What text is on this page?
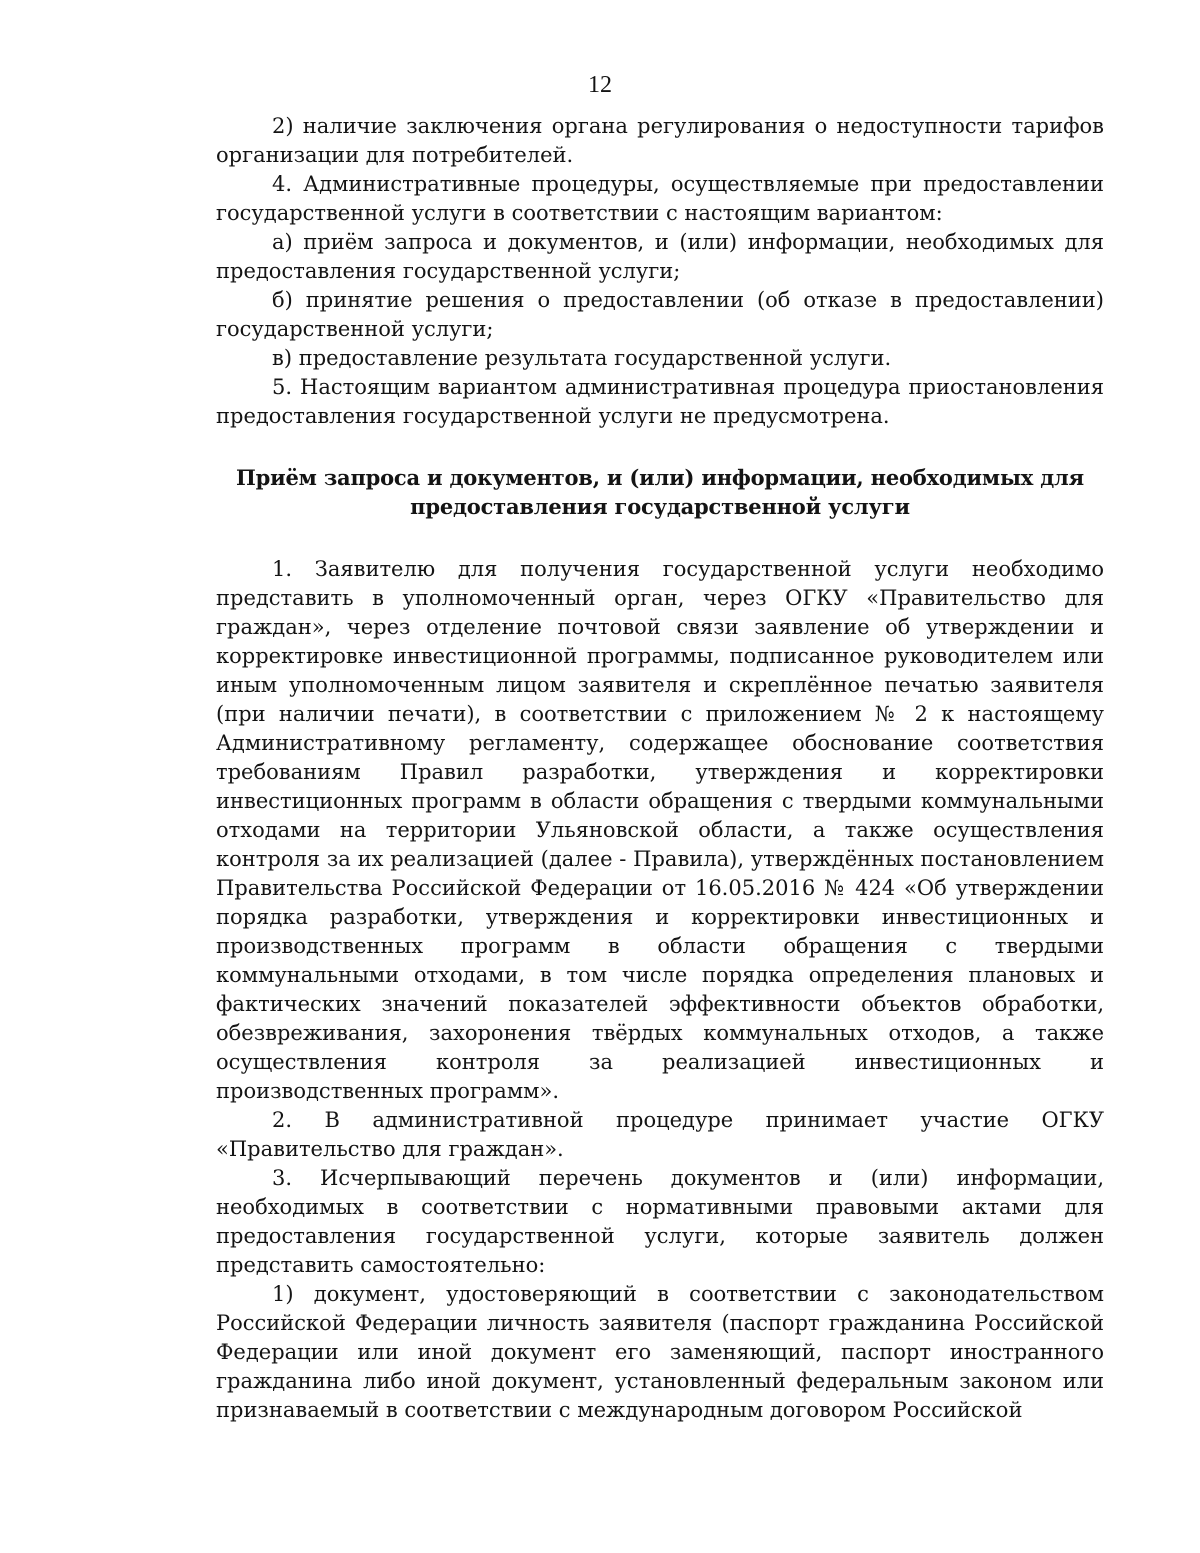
12

2) наличие заключения органа регулирования о недоступности тарифов организации для потребителей.

4. Административные процедуры, осуществляемые при предоставлении государственной услуги в соответствии с настоящим вариантом:

а) приём запроса и документов, и (или) информации, необходимых для предоставления государственной услуги;

б) принятие решения о предоставлении (об отказе в предоставлении) государственной услуги;

в) предоставление результата государственной услуги.

5. Настоящим вариантом административная процедура приостановления предоставления государственной услуги не предусмотрена.

Приём запроса и документов, и (или) информации, необходимых для предоставления государственной услуги

1. Заявителю для получения государственной услуги необходимо представить в уполномоченный орган, через ОГКУ «Правительство для граждан», через отделение почтовой связи заявление об утверждении и корректировке инвестиционной программы, подписанное руководителем или иным уполномоченным лицом заявителя и скреплённое печатью заявителя (при наличии печати), в соответствии с приложением № 2 к настоящему Административному регламенту, содержащее обоснование соответствия требованиям Правил разработки, утверждения и корректировки инвестиционных программ в области обращения с твердыми коммунальными отходами на территории Ульяновской области, а также осуществления контроля за их реализацией (далее - Правила), утверждённых постановлением Правительства Российской Федерации от 16.05.2016 № 424 «Об утверждении порядка разработки, утверждения и корректировки инвестиционных и производственных программ в области обращения с твердыми коммунальными отходами, в том числе порядка определения плановых и фактических значений показателей эффективности объектов обработки, обезвреживания, захоронения твёрдых коммунальных отходов, а также осуществления контроля за реализацией инвестиционных и производственных программ».

2. В административной процедуре принимает участие ОГКУ «Правительство для граждан».

3. Исчерпывающий перечень документов и (или) информации, необходимых в соответствии с нормативными правовыми актами для предоставления государственной услуги, которые заявитель должен представить самостоятельно:

1) документ, удостоверяющий в соответствии с законодательством Российской Федерации личность заявителя (паспорт гражданина Российской Федерации или иной документ его заменяющий, паспорт иностранного гражданина либо иной документ, установленный федеральным законом или признаваемый в соответствии с международным договором Российской
